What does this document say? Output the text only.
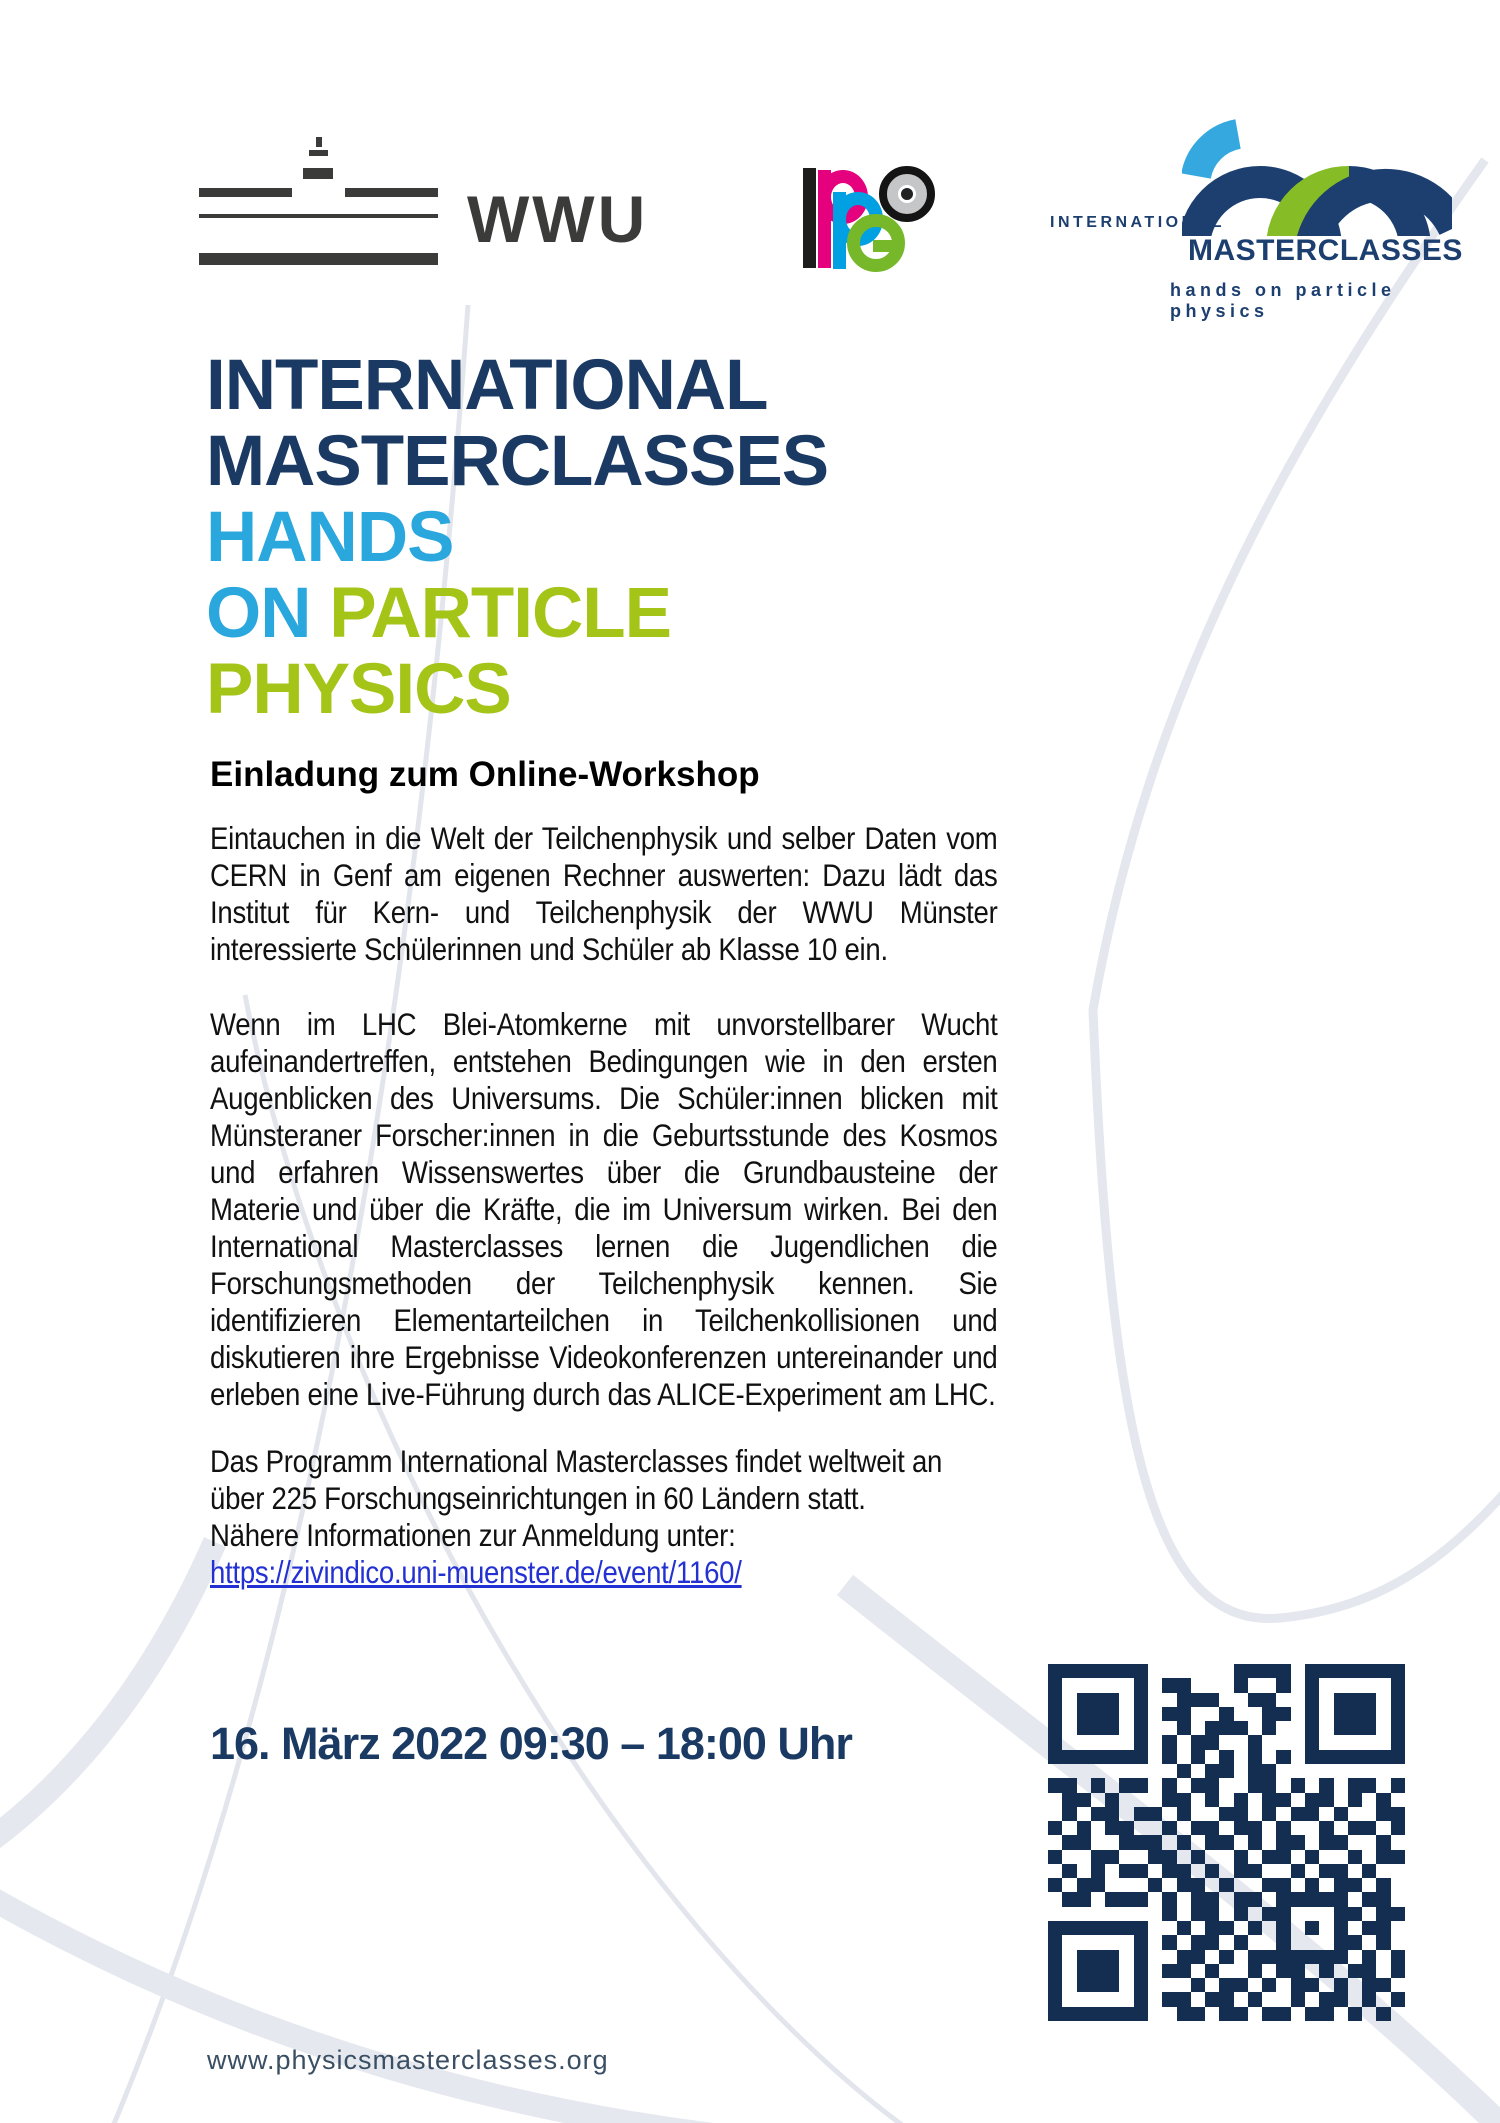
WWU	INTERNATIONAL
MASTERCLASSES
hands on particle physics
INTERNATIONAL
MASTERCLASSES
HANDS
ON PARTICLE
PHYSICS
Einladung zum Online-Workshop

Eintauchen in die Welt der Teilchenphysik und selber Daten vom CERN in Genf am eigenen Rechner auswerten: Dazu lädt das Institut für Kern- und Teilchenphysik der WWU Münster interessierte Schülerinnen und Schüler ab Klasse 10 ein.

Wenn im LHC Blei-Atomkerne mit unvorstellbarer Wucht aufeinandertreffen, entstehen Bedingungen wie in den ersten Augenblicken des Universums. Die Schüler:innen blicken mit Münsteraner Forscher:innen in die Geburtsstunde des Kosmos und erfahren Wissenswertes über die Grundbausteine der Materie und über die Kräfte, die im Universum wirken. Bei den International Masterclasses lernen die Jugendlichen die Forschungsmethoden der Teilchenphysik kennen. Sie identifizieren Elementarteilchen in Teilchenkollisionen und diskutieren ihre Ergebnisse Videokonferenzen untereinander und erleben eine Live-Führung durch das ALICE-Experiment am LHC.

Das Programm International Masterclasses findet weltweit an über 225 Forschungseinrichtungen in 60 Ländern statt.

Nähere Informationen zur Anmeldung unter:

https://zivindico.uni-muenster.de/event/1160/

16. März 2022 09:30 – 18:00 Uhr
www.physicsmasterclasses.org
